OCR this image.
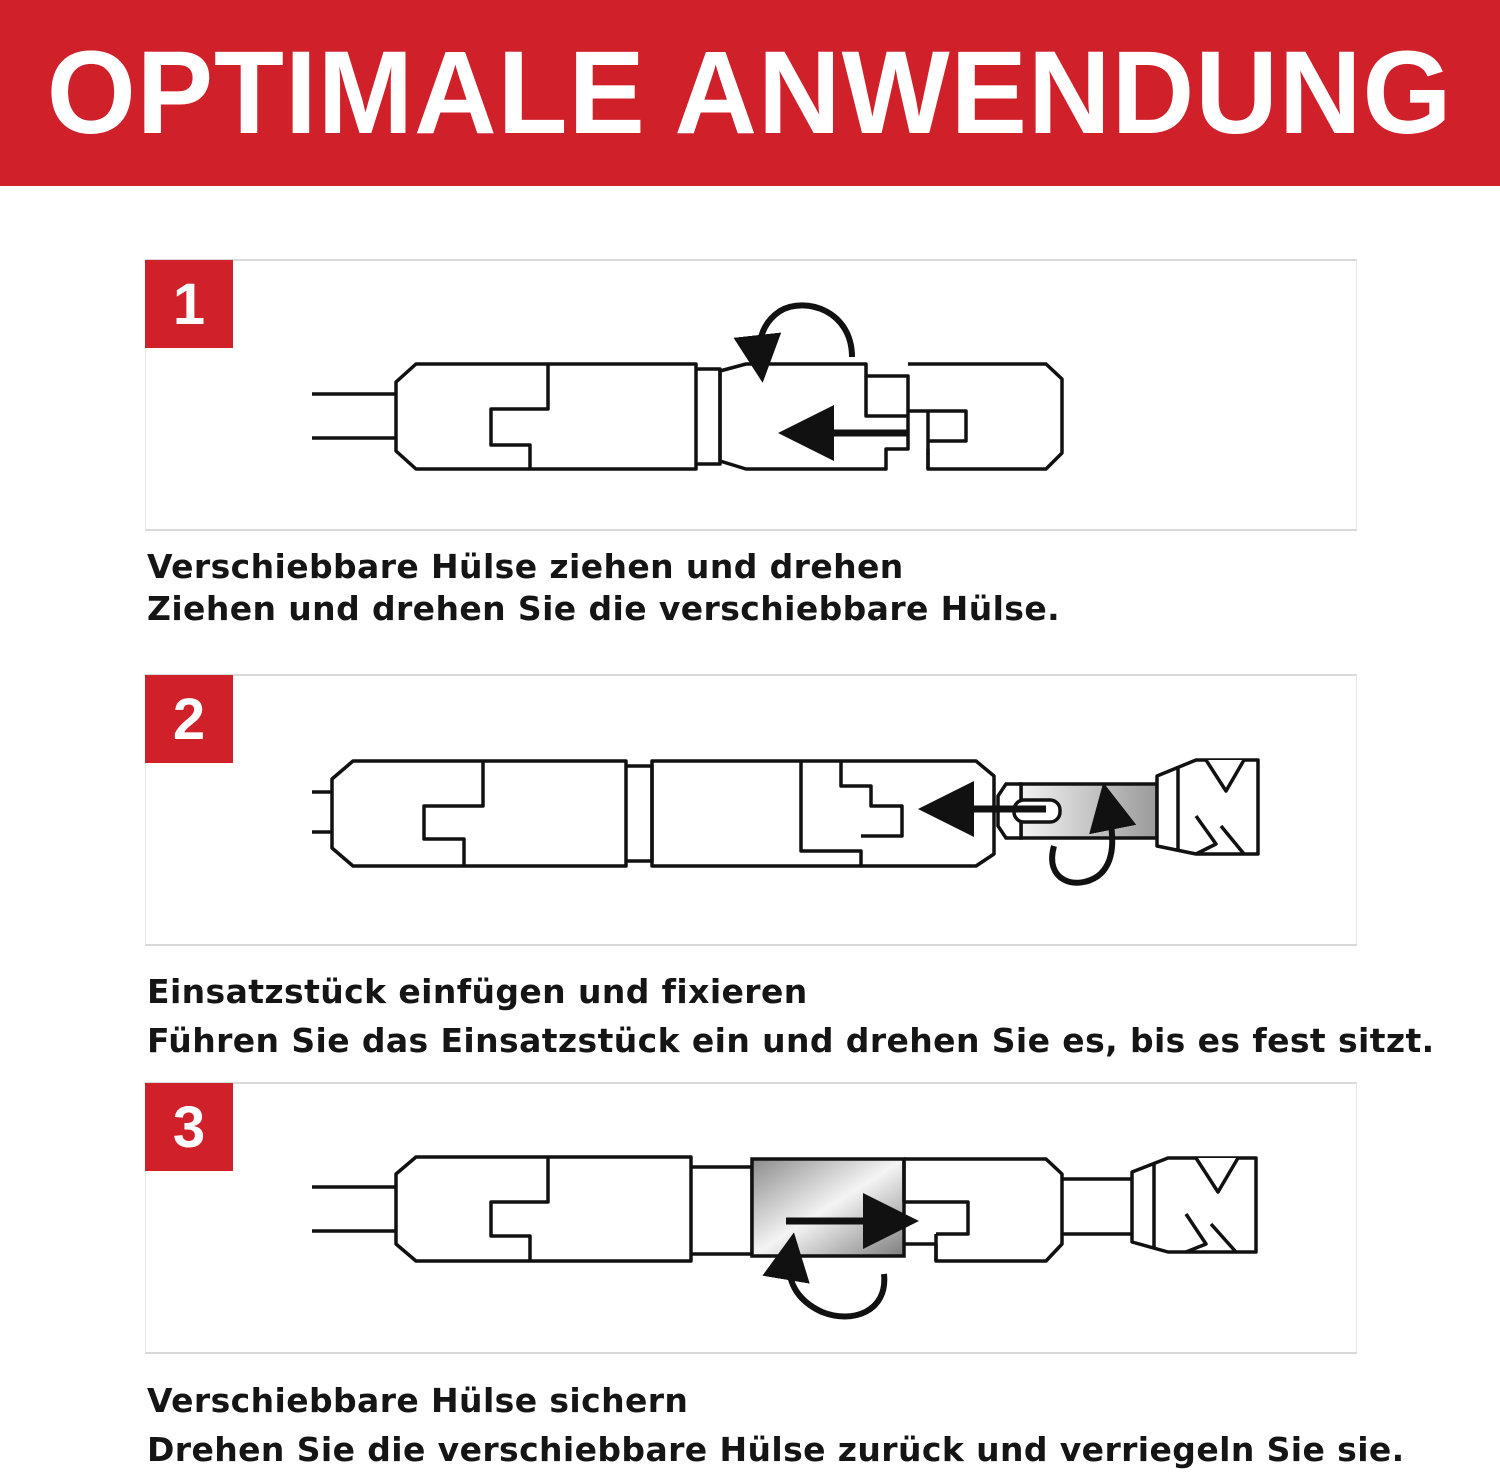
OPTIMALE ANWENDUNG
1
Verschiebbare Hülse ziehen und drehen
Ziehen und drehen Sie die verschiebbare Hülse.
2
Einsatzstück einfügen und fixieren
Führen Sie das Einsatzstück ein und drehen Sie es, bis es fest sitzt.
3
Verschiebbare Hülse sichern
Drehen Sie die verschiebbare Hülse zurück und verriegeln Sie sie.
